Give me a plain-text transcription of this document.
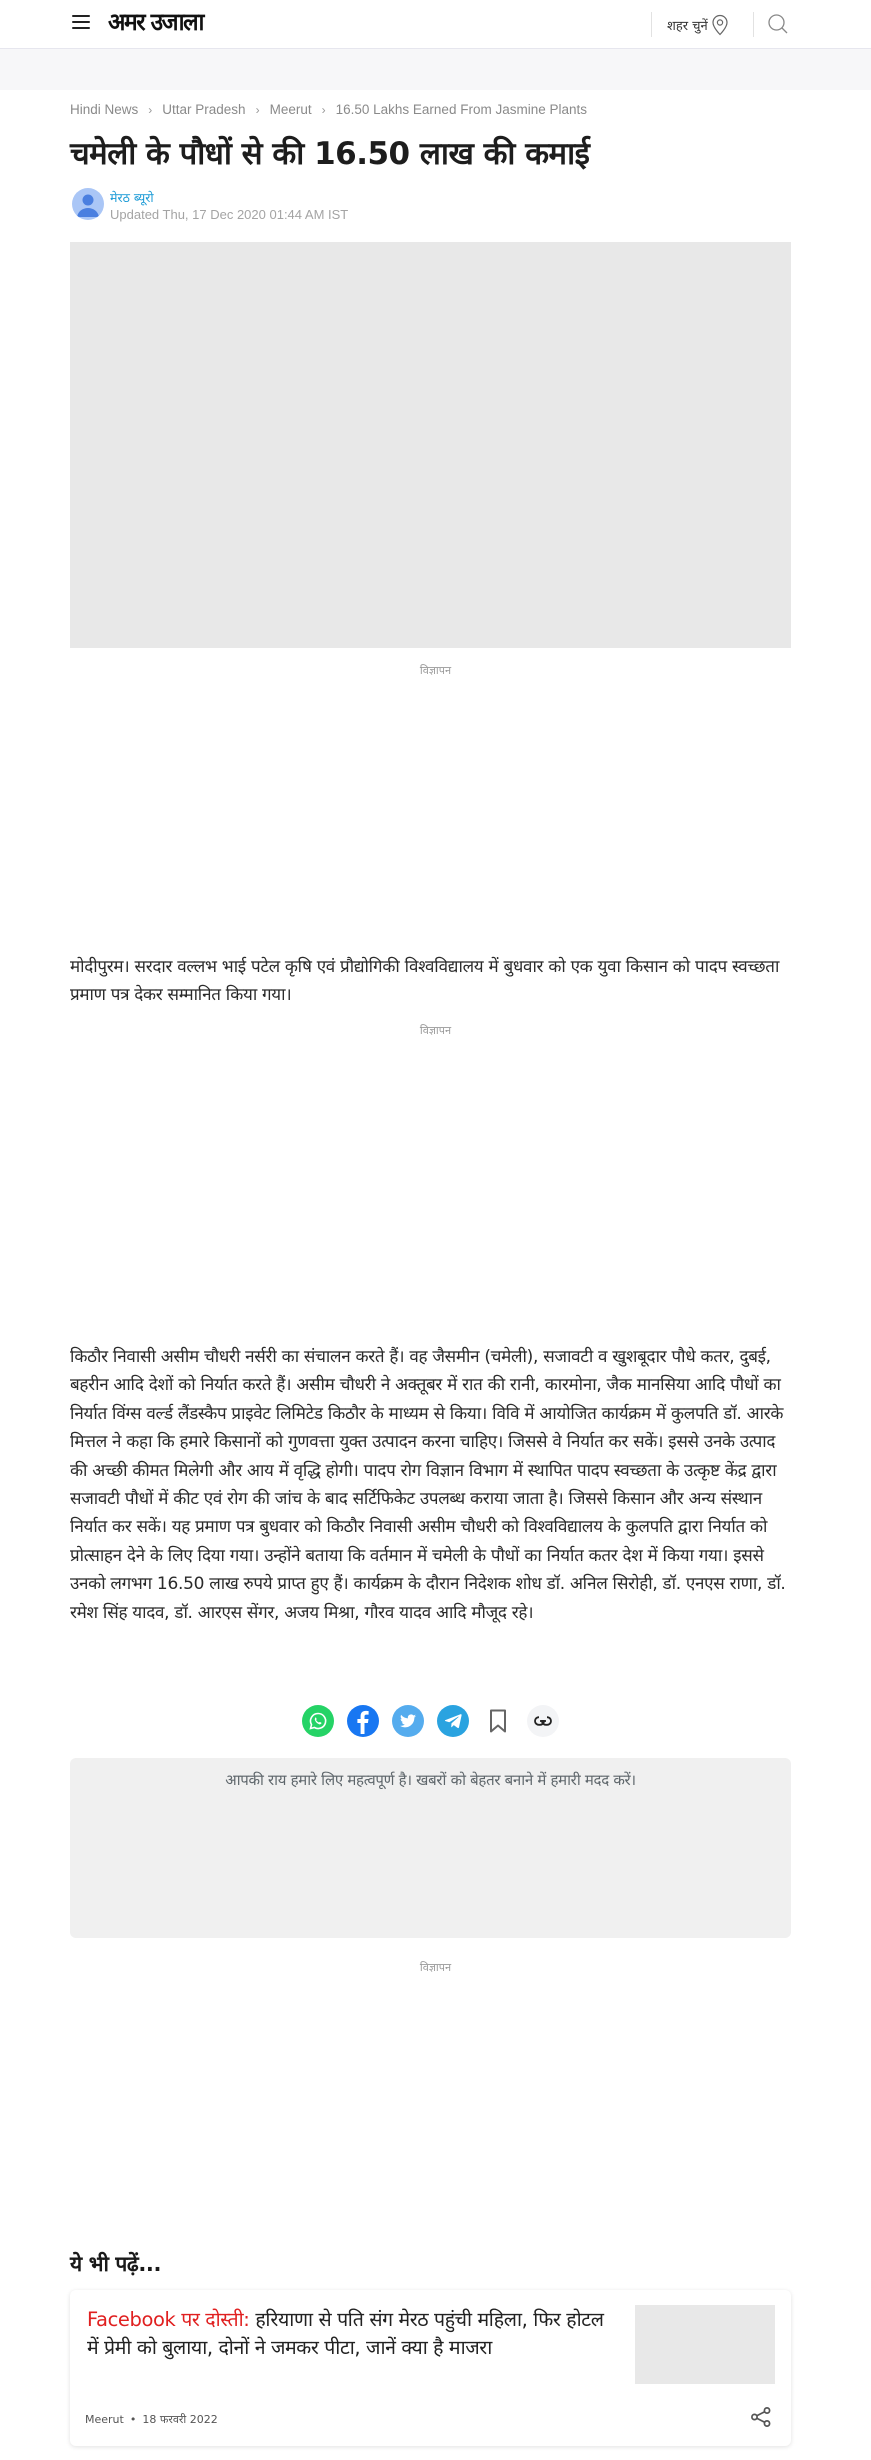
अमर उजाला	शहर चुनें
Hindi News › Uttar Pradesh › Meerut › 16.50 Lakhs Earned From Jasmine Plants
चमेली के पौधों से की 16.50 लाख की कमाई
मेरठ ब्यूरो
Updated Thu, 17 Dec 2020 01:44 AM IST
विज्ञापन

मोदीपुरम। सरदार वल्लभ भाई पटेल कृषि एवं प्रौद्योगिकी विश्वविद्यालय में बुधवार को एक युवा किसान को पादप स्वच्छता प्रमाण पत्र देकर सम्मानित किया गया।

विज्ञापन

किठौर निवासी असीम चौधरी नर्सरी का संचालन करते हैं। वह जैसमीन (चमेली), सजावटी व खुशबूदार पौधे कतर, दुबई, बहरीन आदि देशों को निर्यात करते हैं। असीम चौधरी ने अक्तूबर में रात की रानी, कारमोना, जैक मानसिया आदि पौधों का निर्यात विंग्स वर्ल्ड लैंडस्कैप प्राइवेट लिमिटेड किठौर के माध्यम से किया। विवि में आयोजित कार्यक्रम में कुलपति डॉ. आरके मित्तल ने कहा कि हमारे किसानों को गुणवत्ता युक्त उत्पादन करना चाहिए। जिससे वे निर्यात कर सकें। इससे उनके उत्पाद की अच्छी कीमत मिलेगी और आय में वृद्धि होगी। पादप रोग विज्ञान विभाग में स्थापित पादप स्वच्छता के उत्कृष्ट केंद्र द्वारा सजावटी पौधों में कीट एवं रोग की जांच के बाद सर्टिफिकेट उपलब्ध कराया जाता है। जिससे किसान और अन्य संस्थान निर्यात कर सकें। यह प्रमाण पत्र बुधवार को किठौर निवासी असीम चौधरी को विश्वविद्यालय के कुलपति द्वारा निर्यात को प्रोत्साहन देने के लिए दिया गया। उन्होंने बताया कि वर्तमान में चमेली के पौधों का निर्यात कतर देश में किया गया। इससे उनको लगभग 16.50 लाख रुपये प्राप्त हुए हैं। कार्यक्रम के दौरान निदेशक शोध डॉ. अनिल सिरोही, डॉ. एनएस राणा, डॉ. रमेश सिंह यादव, डॉ. आरएस सेंगर, अजय मिश्रा, गौरव यादव आदि मौजूद रहे।

आपकी राय हमारे लिए महत्वपूर्ण है। खबरों को बेहतर बनाने में हमारी मदद करें।
विज्ञापन
ये भी पढ़ें...
Facebook पर दोस्ती: हरियाणा से पति संग मेरठ पहुंची महिला, फिर होटल में प्रेमी को बुलाया, दोनों ने जमकर पीटा, जानें क्या है माजरा
Meerut • 18 फरवरी 2022
